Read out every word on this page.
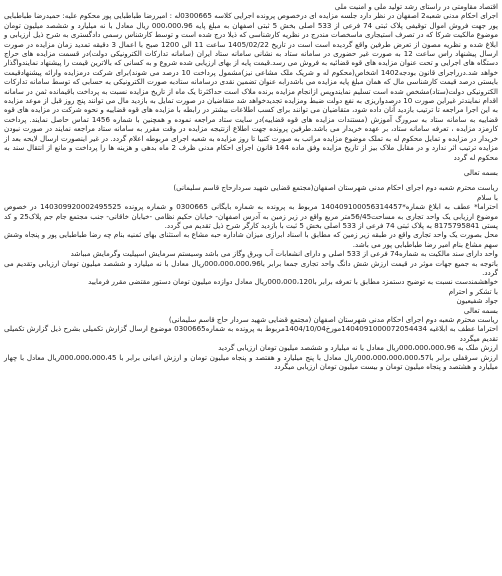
اقتصاد مقاومتی در راستای رشد تولید ملی و امنیت ملی

اجرای احکام مدنی شعبه2 اصفهان در نظر دارد جلسه مزایده ای درخصوص پرونده اجرایی کلاسه 0300665له : امیررضا طباطبایی پور محکوم علیه: حمیدرضا طباطبایی پور جهت فروش اموال توقیفی پلاک ثبتی 74 فرعی از 533 اصلی بخش 5 ثبتی اصفهان به مبلغ پایه 000،000،96 ریال معادل با نه میلیارد و ششصد میلیون تومان موضوع مالکیت شرکا که در تصرف استیجاری ماسخصات مندرج در نظریه کارشناسی که ذیلا درج شده است و توسط کارشناس رسمی دادگستری به شرح ذیل ارزیابی و ابلاغ شده و نظریه مصون از تعرض طرفین واقع گردیده است است در تاریخ 1405/02/22 ساعت 11 الی 1200 صبح با اعمال 3 دقیقه تمدید زمان مزایده در صورت ارسال پیشنهاد راس ساعت 12 به صورت غیر حضوری در سامانه ستاد به نشانی سامانه ستاد ایران (سامانه تدارکات الکترونیکی دولت)در قسمت مزایده های حراج دستگاه های اجرایی و تحت عنوان مزایده های قوه قضائیه به فروش می رسد.قیمت پایه از بهای ارزیابی شده شروع و به کسانی که بالاترین قیمت را پیشنهاد نمایندواگذار خواهد شد.درراجرای قانون بودجه1402 اشخاص(محکوم له و شریک ملک مشاعی نیز)مشمول پرداخت 10 درصد می شوند)برای شرکت درمزایده وارائه پیشنهادقیمت بایستی درصد قیمت کارشناسی مال که همان مبلغ پایه مزایده می باشدرابه عنوان تضمین نقدی درسامانه ستادبه صورت الکترونیکی به حسابی که توسط سامانه تدارکات الکترونیکی دولت(ستاد)مشخص شده است تسلیم نمایندوپس ازانجام مزایده برنده ملاک است حداکثرتا یک ماه از تاریخ مزایده نسبت به پرداخت باقیمانده ثمن در سامانه اقدام نمایندتر غیراین صورت 10 درصدواریزی به نفع دولت ضبط ومزایده تجدیدخواهد شد متقاضیان در صورت تمایل به بازدید مال می توانند پنج روز قبل از موعد مزایده به این اجرا مراجعه تا ترتیب بازدید آنان داده شود، متقاضیان می توانند برای کسب اطلاعات بیشتر در رابطه با مزایده های قوه قضاییه و نحوه شرکت در مزایده های قوه قضاییه به سامانه ستاد به سرورگ آموزش (مستندات مزایده های قوه قضاییه)در سایت ستاد مراجعه نموده و همچنین با شماره 1456 تماس حاصل نمایند. پرداخت کارمزد مزایده ، تعرفه سامانه ستاد، بر عهده خریدار می باشد.طرفین پرونده جهت اطلاع ازنتیجه مزایده در وقت مقرر به سامانه ستاد مراجعه نمایند در صورت نبودن خریدار در مزایده و تمایل محکوم له به تملک موضوع مزایده مراتب به صورت کتبیا تا روز مزایده به شعبه اجرای مربوطه اعلام گردد. در غیر اینصورت ارسال لایحه بعد از مزایده ترتیب اثر ندارد و در مقابل ملاک بیز از تاریخ مزایده وفق ماده 144 قانون اجرای احکام مدنی ظرف 2 ماه بدهی و هزینه ها را پرداخت و مانع از انتقال سند به محکوم له گردد

بسمه تعالی

ریاست محترم شعبه دوم اجرای احکام مدنی شهرستان اصفهان(مجتمع قضایی شهید سردارحاج قاسم سلیمانی)

با سلام

احتراما* عطف به ابلاغ شماره*140409100056314457 مربوط به پرونده به شماره بایگانی 0300665 و شماره پرونده 140309920002495525 در خصوص موضوع ارزیابی یک واحد تجاری به مساحت56/45متر مربع واقع در زیر زمین به آدرس اصفهان- خیابان حکیم نظامی -خیابان خاقانی- جنب مجتمع جام جم پلاک25 و کد پستی 8175795841 به پلاک ثبتی 74 فرعی از 533 اصلی بخش 5 ثبت با بازدید کارگر شرح ذیل تقدیم می گردد.

محل بصورت یک واحد تجاری واقع در طبقه زیر زمین که مطابق با اسناد ابرازی میزان شاداره حبه مشاع به استثنای بهای ثمنیه بنام چه رضا طباطبایی پور و پنجاه وشش سهم مشاع بنام امیر رضا طباطبایی پور می باشد.

واحد دارای سند مالکیت به شماره74 فرعی از 533 اصلی و دارای انشعابات آب وبرق وگاز می باشد وسیستم سرمایش اسپیلیت وگرمایش مبباشد

باتوجه به جمیع جهات موثر در قیمت ارزش شش دانگ واحد تجاری جمعا برابر با000،000،000،96ریال معادل با نه میلیارد و ششصد میلیون تومان ارزیابی وتقدیم می گردد.

خواهشمندست نسبت به توضیح دستمزد مطابق با تعرفه برابر با000،000،120ریال معادل دوازده میلیون تومان دستور مقتضی مقرر فرمایید

با تشکر و احترام

جواد شفیعیون

بسمه تعالی

ریاست محترم شعبه دوم اجرای احکام مدنی شهرستان اصفهان (مجتمع قضایی شهید سردار حاج قاسم سلیمانی)

احتراما عطف به ابلاغیه 1404091000072054434مورخ1404/10/04مربوط به پرونده به شماره0300665 موضوع ارسال گزارش تکمیلی بشرح ذیل گزارش تکمیلی تقدیم میگردد

ارزش ملک به 000،000،000،96ریال معادل با نه میلیارد و ششصد میلیون تومان ارزیابی گردید

ارزش سرقفلی برابر با000،000،000،000،57ریال معادل با پنج میلیارد و هفتصد و پنجاه میلیون تومان و ارزش اعیانی برابر با 000،000،000،45ریال معادل با چهار میلیارد و هشتصد و پنجاه میلیون تومان و بیست میلیون تومان ارزیابی میگردد
